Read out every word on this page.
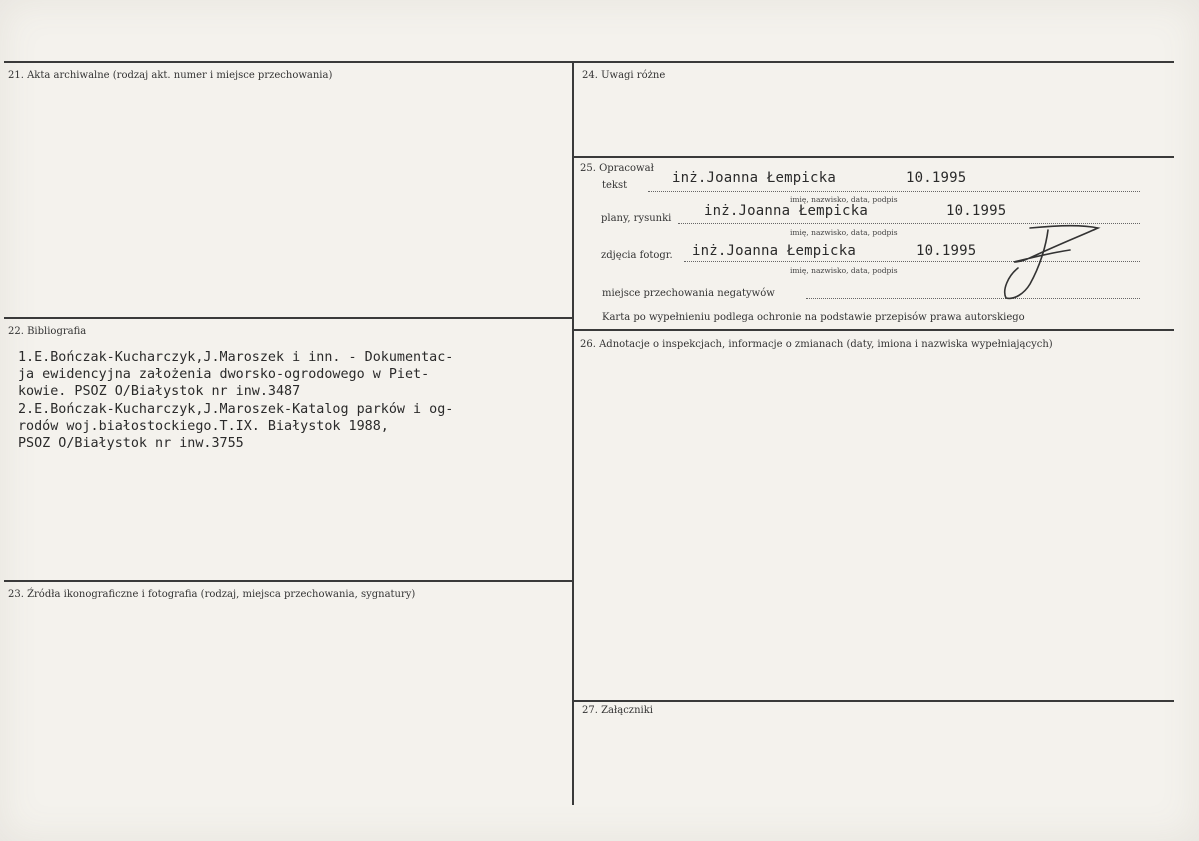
21. Akta archiwalne (rodzaj akt. numer i miejsce przechowania)
22. Bibliografia
1.E.Bończak-Kucharczyk,J.Maroszek i inn. - Dokumentac-
ja ewidencyjna założenia dworsko-ogrodowego w Piet-
kowie. PSOZ O/Białystok nr inw.3487
2.E.Bończak-Kucharczyk,J.Maroszek-Katalog parków i og-
rodów woj.białostockiego.T.IX. Białystok 1988,
PSOZ O/Białystok nr inw.3755
23. Źródła ikonograficzne i fotografia (rodzaj, miejsca przechowania, sygnatury)
24. Uwagi różne
25. Opracował
tekst	inż.Joanna Łempicka	10.1995
imię, nazwisko, data, podpis
plany, rysunki inż.Joanna Łempicka	10.1995
imię, nazwisko, data, podpis
zdjęcia fotogr. inż.Joanna Łempicka	10.1995
imię, nazwisko, data, podpis
miejsce przechowania negatywów
Karta po wypełnieniu podlega ochronie na podstawie przepisów prawa autorskiego
26. Adnotacje o inspekcjach, informacje o zmianach (daty, imiona i nazwiska wypełniających)
27. Załączniki
